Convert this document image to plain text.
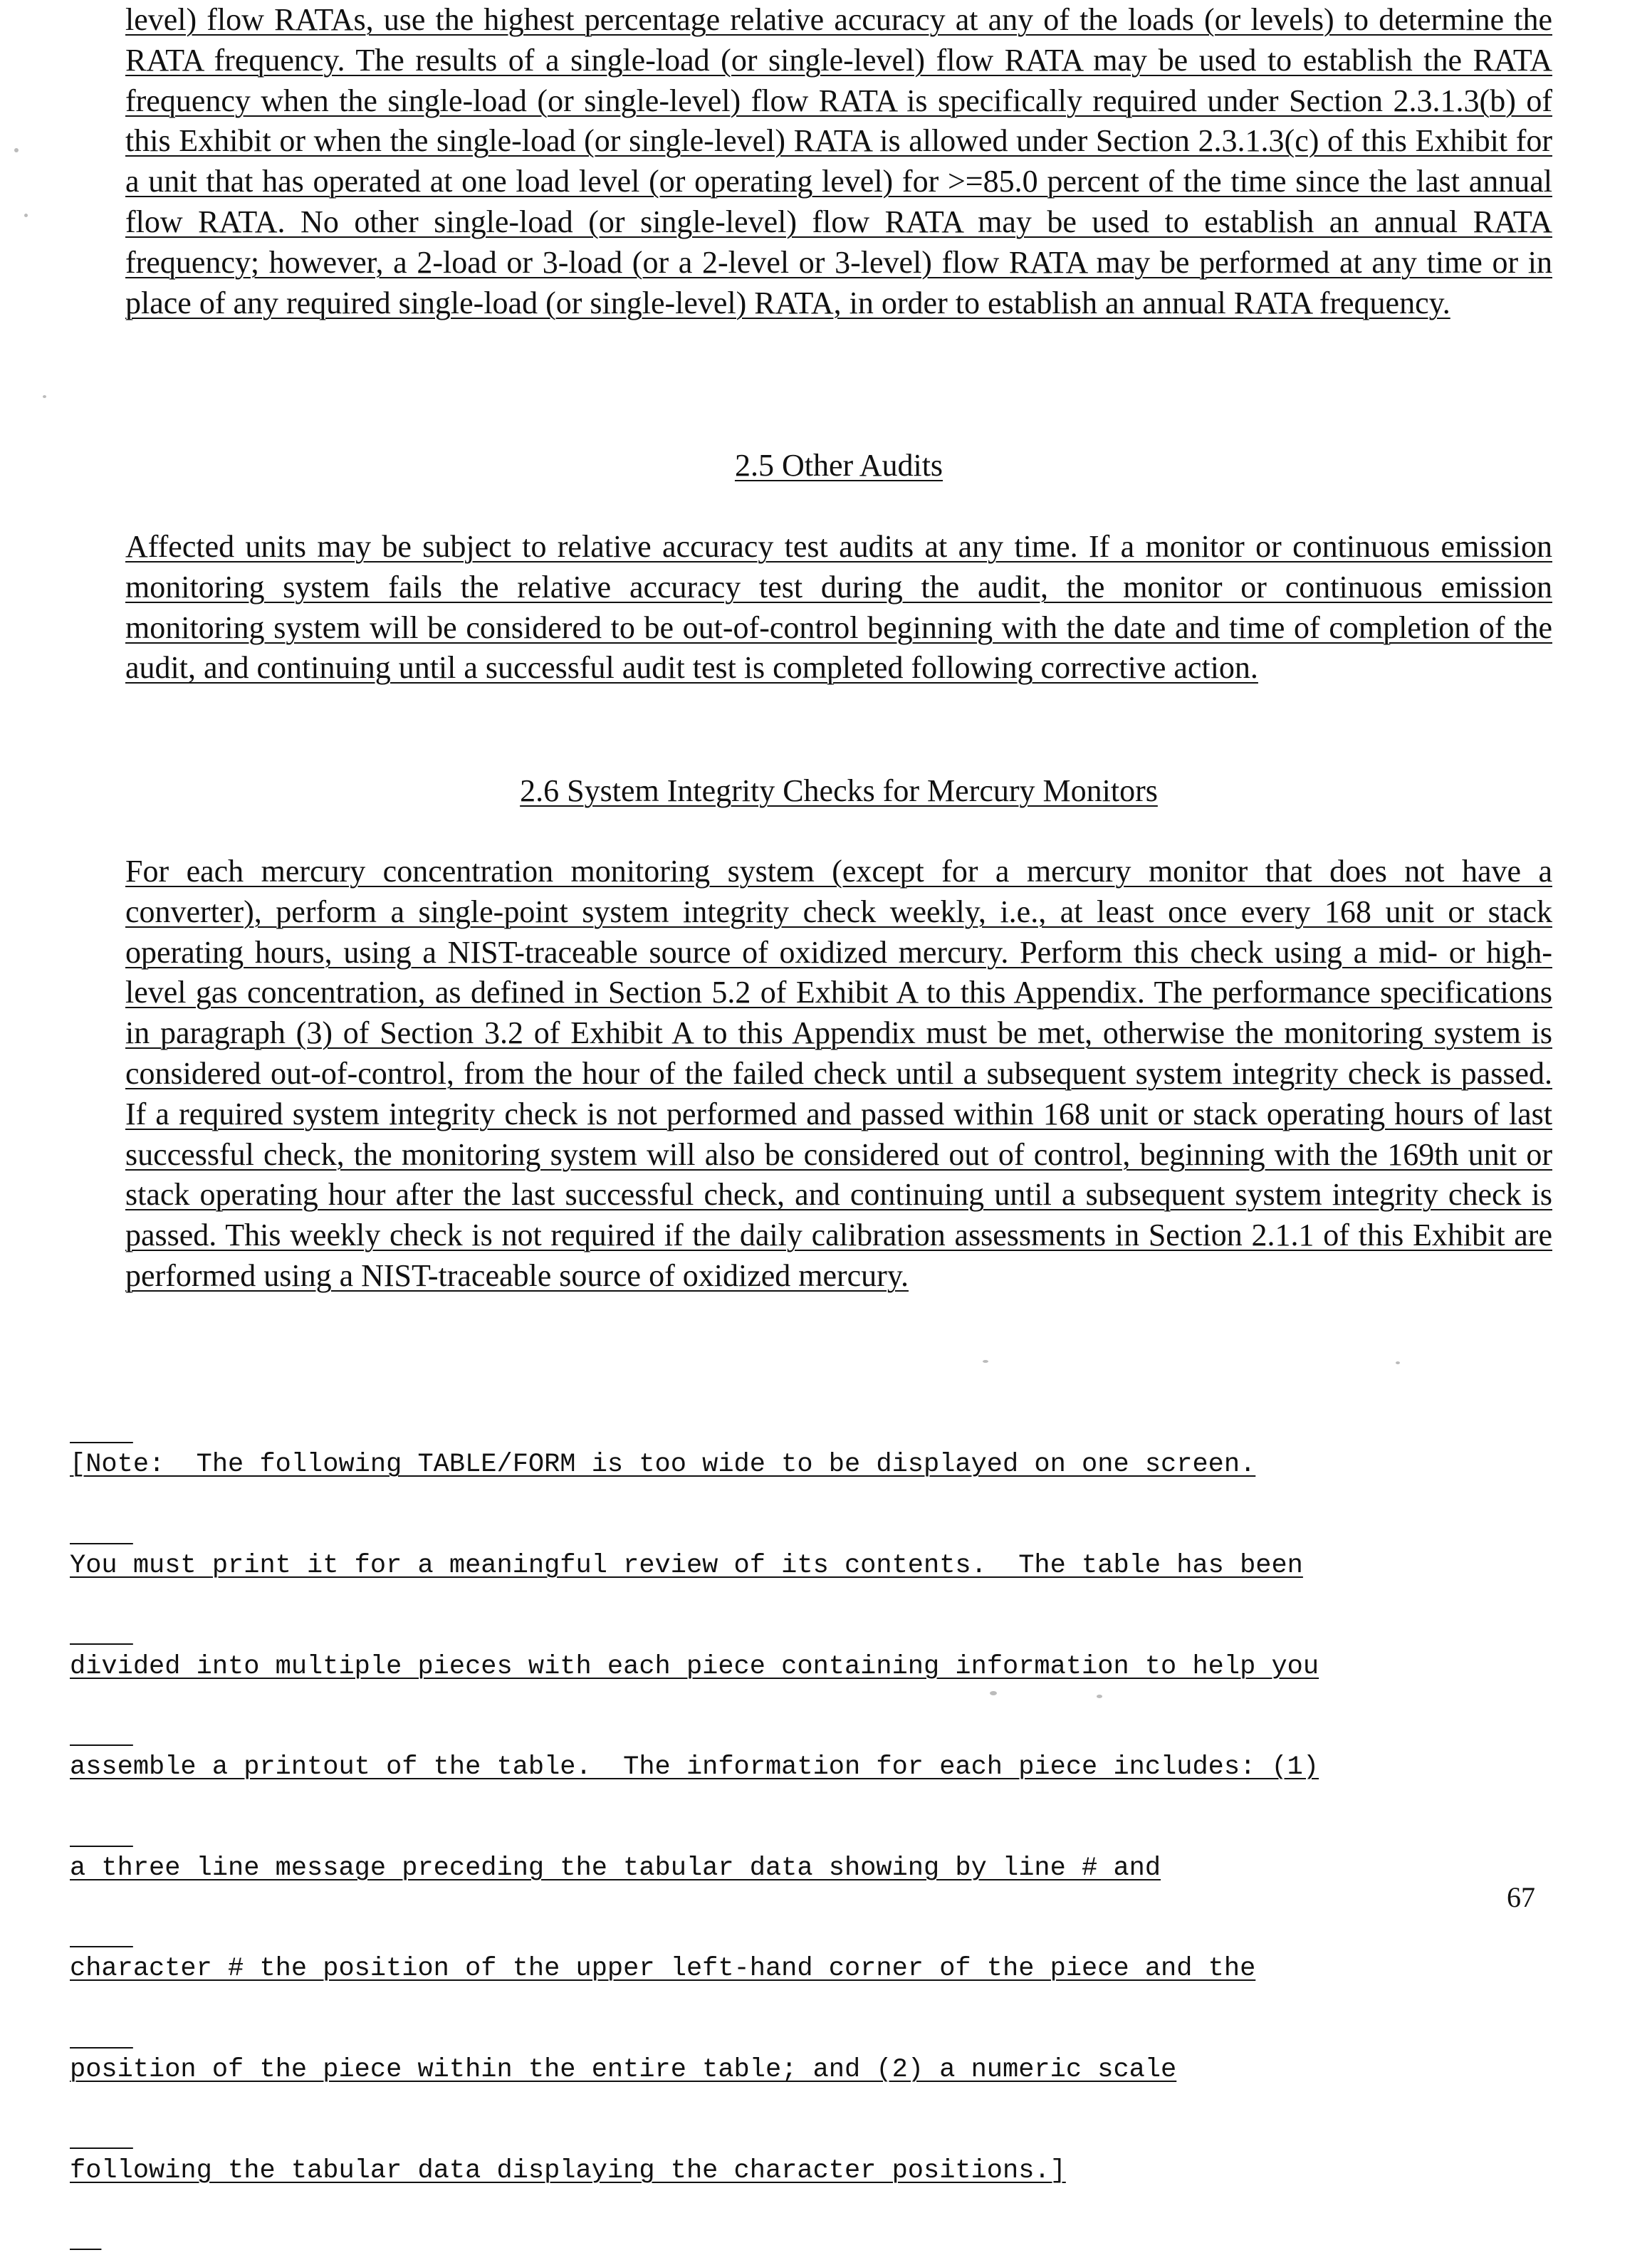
level) flow RATAs, use the highest percentage relative accuracy at any of the loads (or levels) to determine the RATA frequency. The results of a single-load (or single-level) flow RATA may be used to establish the RATA frequency when the single-load (or single-level) flow RATA is specifically required under Section 2.3.1.3(b) of this Exhibit or when the single-load (or single-level) RATA is allowed under Section 2.3.1.3(c) of this Exhibit for a unit that has operated at one load level (or operating level) for >=85.0 percent of the time since the last annual flow RATA. No other single-load (or single-level) flow RATA may be used to establish an annual RATA frequency; however, a 2-load or 3-load (or a 2-level or 3-level) flow RATA may be performed at any time or in place of any required single-load (or single-level) RATA, in order to establish an annual RATA frequency.

2.5 Other Audits

Affected units may be subject to relative accuracy test audits at any time. If a monitor or continuous emission monitoring system fails the relative accuracy test during the audit, the monitor or continuous emission monitoring system will be considered to be out-of-control beginning with the date and time of completion of the audit, and continuing until a successful audit test is completed following corrective action.

2.6 System Integrity Checks for Mercury Monitors

For each mercury concentration monitoring system (except for a mercury monitor that does not have a converter), perform a single-point system integrity check weekly, i.e., at least once every 168 unit or stack operating hours, using a NIST-traceable source of oxidized mercury. Perform this check using a mid- or high-level gas concentration, as defined in Section 5.2 of Exhibit A to this Appendix. The performance specifications in paragraph (3) of Section 3.2 of Exhibit A to this Appendix must be met, otherwise the monitoring system is considered out-of-control, from the hour of the failed check until a subsequent system integrity check is passed. If a required system integrity check is not performed and passed within 168 unit or stack operating hours of last successful check, the monitoring system will also be considered out of control, beginning with the 169th unit or stack operating hour after the last successful check, and continuing until a subsequent system integrity check is passed. This weekly check is not required if the daily calibration assessments in Section 2.1.1 of this Exhibit are performed using a NIST-traceable source of oxidized mercury.

[Note:  The following TABLE/FORM is too wide to be displayed on one screen.

You must print it for a meaningful review of its contents.  The table has been

divided into multiple pieces with each piece containing information to help you

assemble a printout of the table.  The information for each piece includes: (1)

a three line message preceding the tabular data showing by line # and

character # the position of the upper left-hand corner of the piece and the

position of the piece within the entire table; and (2) a numeric scale

following the tabular data displaying the character positions.]

67
